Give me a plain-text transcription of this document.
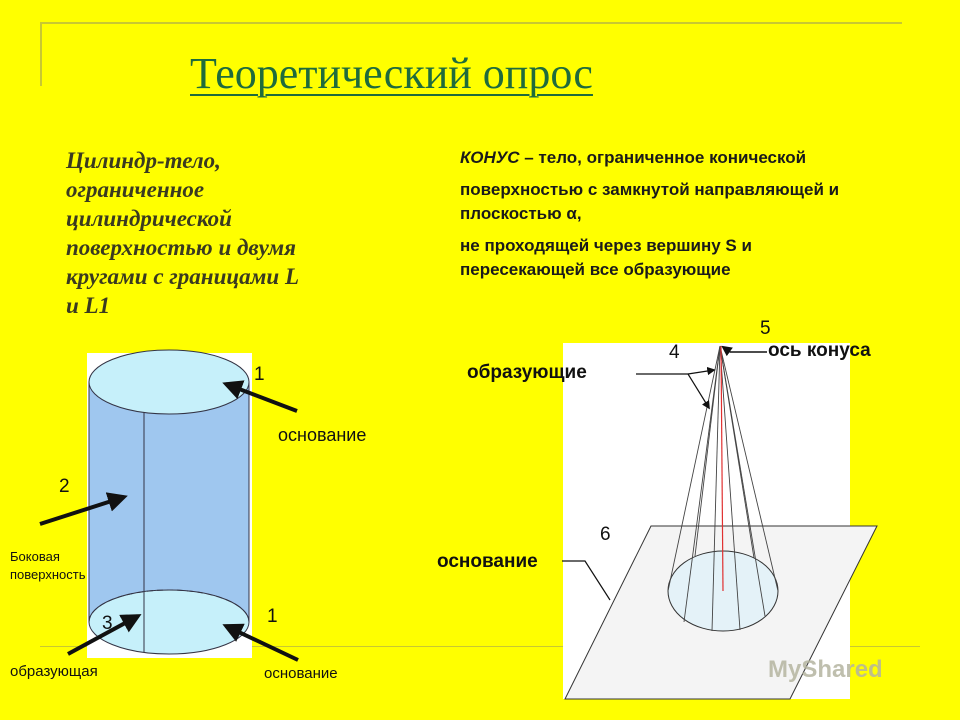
Теоретический опрос
Цилиндр-тело, ограниченное цилиндрической поверхностью и двумя кругами с границами L и L1

КОНУС – тело, ограниченное конической

поверхностью с замкнутой направляющей и плоскостью α,

не проходящей через вершину S и пересекающей все образующие

1
основание
2
Боковая поверхность
3
образующая
1
основание
5
4	ось конуса
образующие
6
основание
MyShared
